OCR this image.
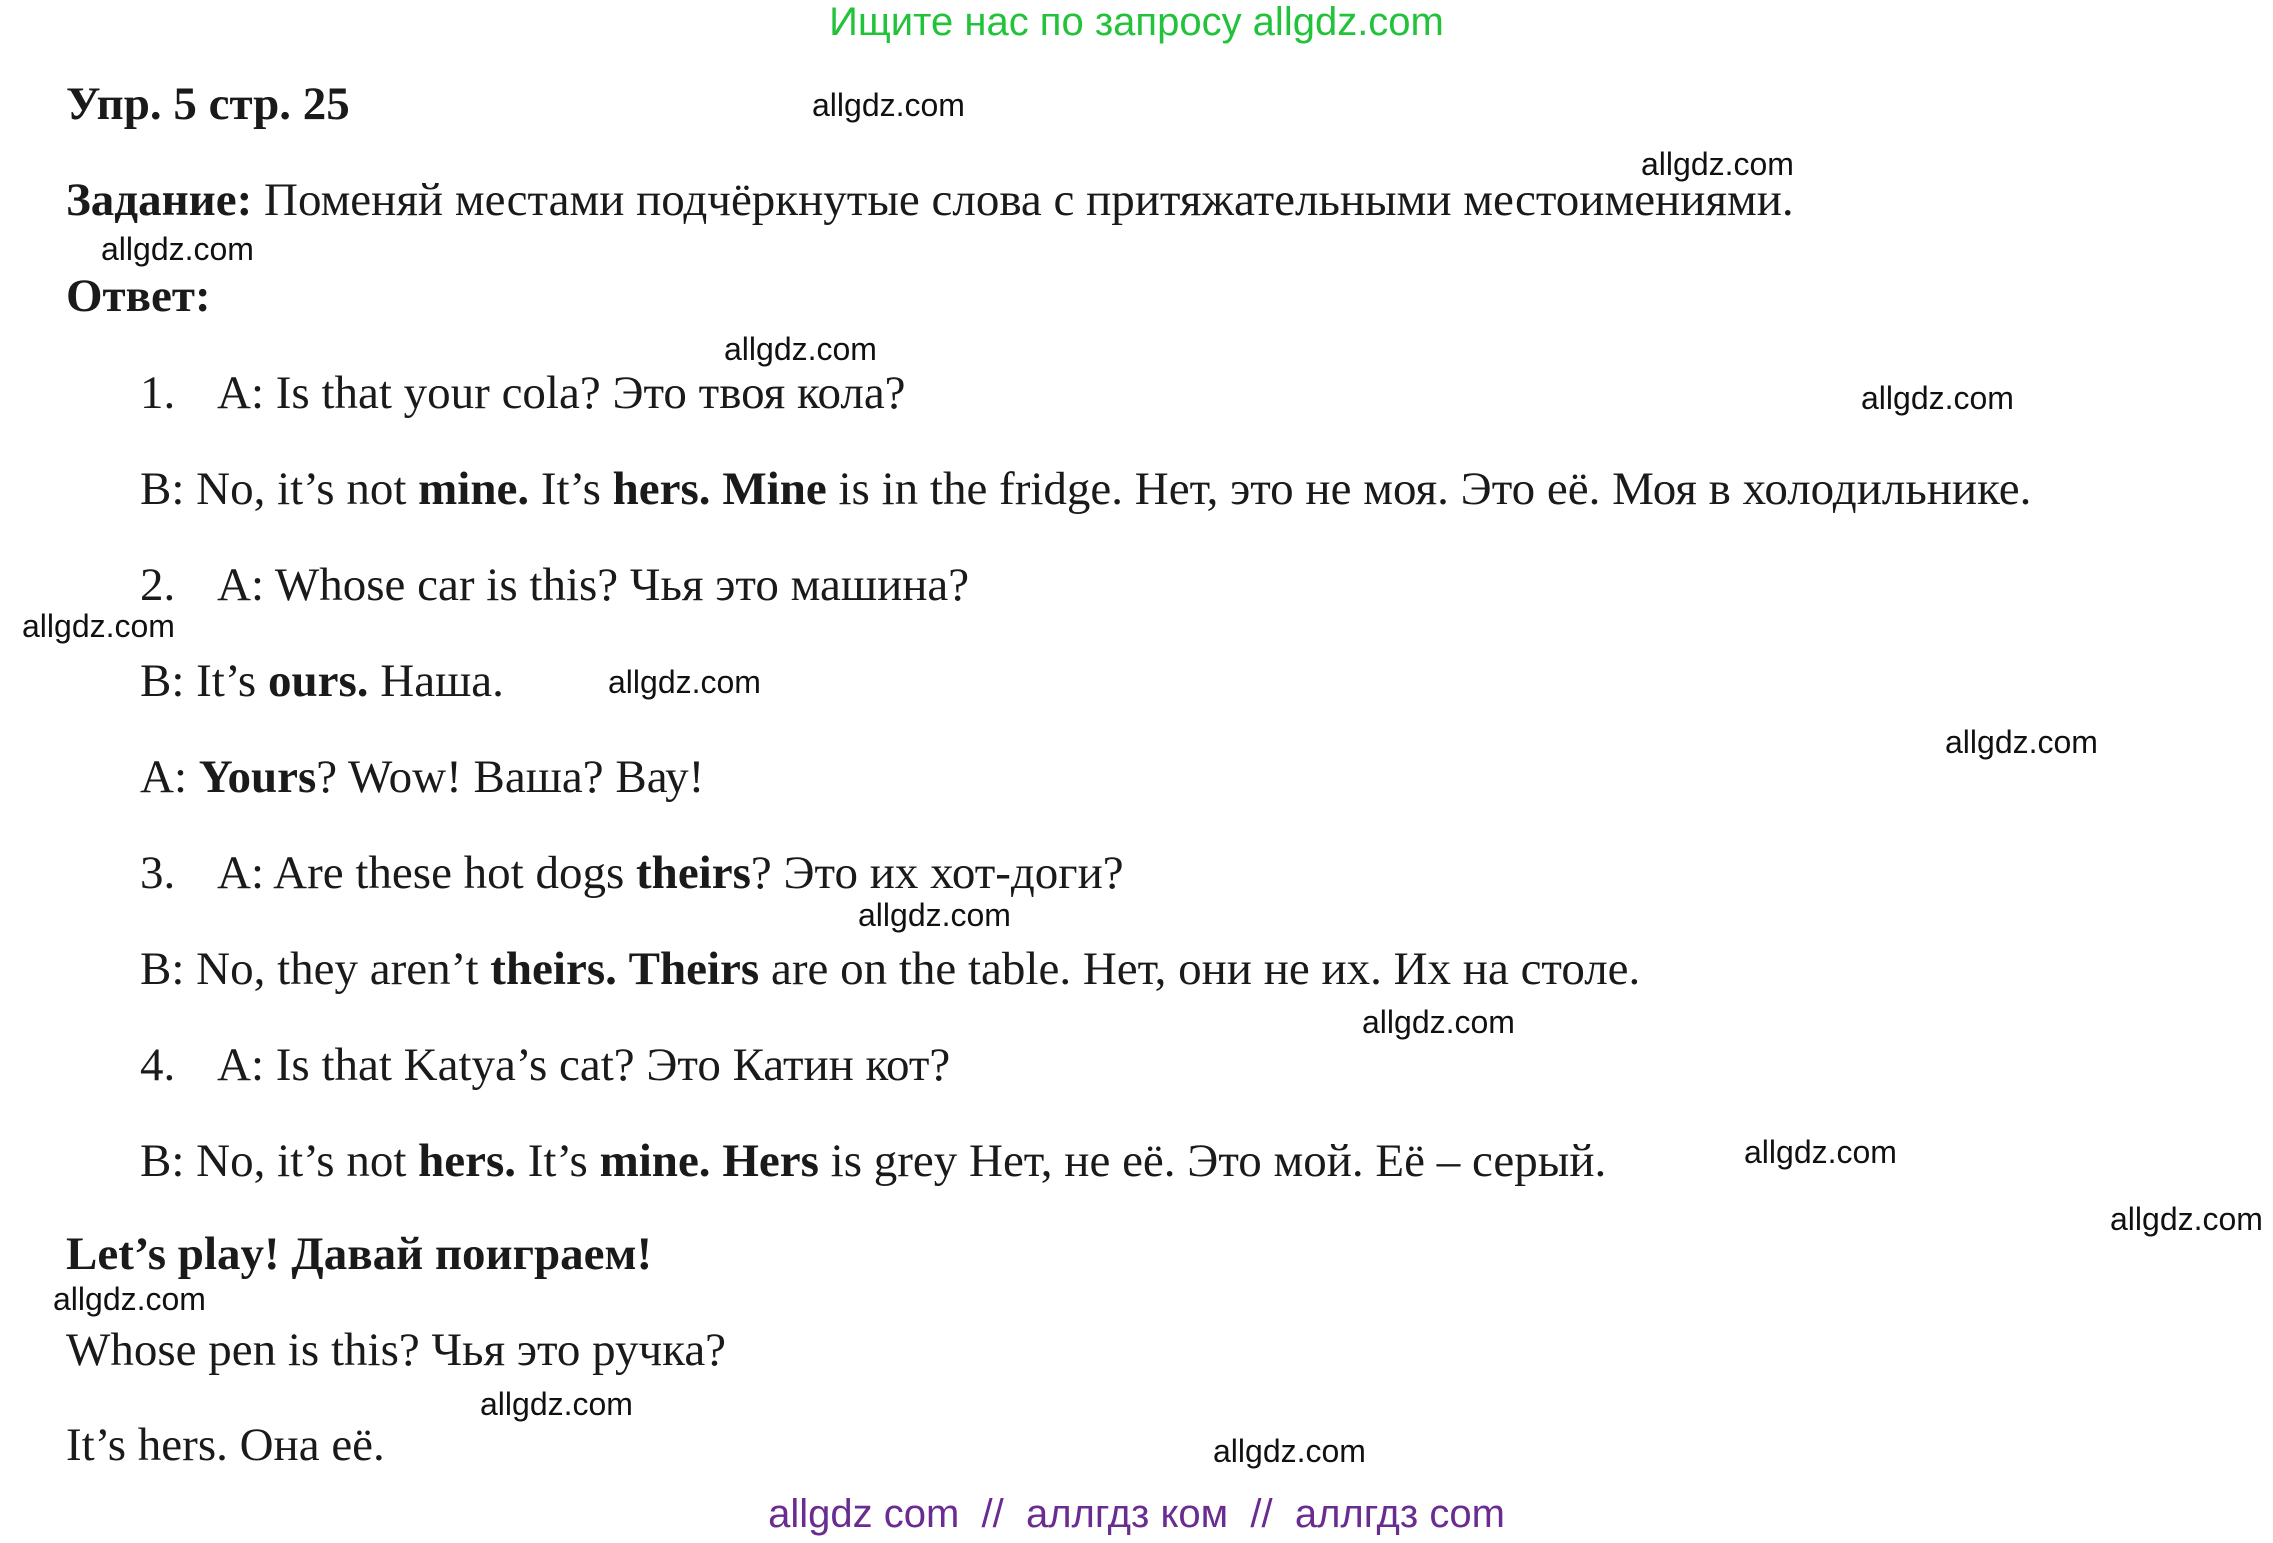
Ищите нас по запросу allgdz.com
Упр. 5 стр. 25
Задание: Поменяй местами подчёркнутые слова с притяжательными местоимениями.
Ответ:
1. A: Is that your cola? Это твоя кола?
B: No, it’s not mine. It’s hers. Mine is in the fridge. Нет, это не моя. Это её. Моя в холодильнике.
2. A: Whose car is this? Чья это машина?
B: It’s ours. Наша.
A: Yours? Wow! Ваша? Вау!
3. A: Are these hot dogs theirs? Это их хот-доги?
B: No, they aren’t theirs. Theirs are on the table. Нет, они не их. Их на столе.
4. A: Is that Katya’s cat? Это Катин кот?
B: No, it’s not hers. It’s mine. Hers is grey Нет, не её. Это мой. Её – серый.
Let’s play! Давай поиграем!
Whose pen is this? Чья это ручка?
It’s hers. Она её.
allgdz.com
allgdz.com
allgdz.com
allgdz.com
allgdz.com
allgdz.com
allgdz.com
allgdz.com
allgdz.com
allgdz.com
allgdz.com
allgdz.com
allgdz.com
allgdz.com
allgdz.com
allgdz com  //  аллгдз ком  //  аллгдз com
